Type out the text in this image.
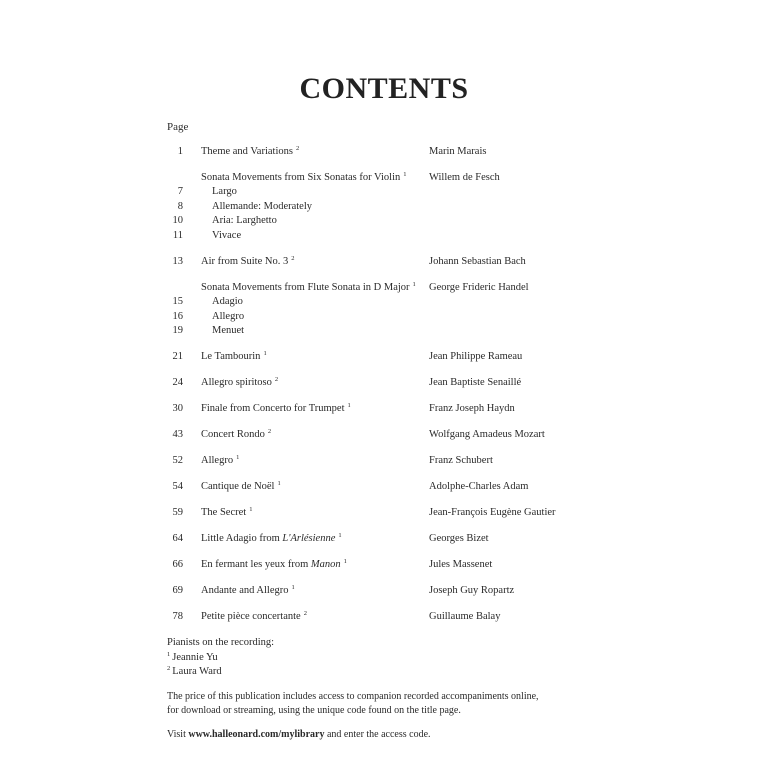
CONTENTS
Page
1 Theme and Variations $^2$	Marin Marais
Sonata Movements from Six Sonatas for Violin $^1$ Willem de Fesch
7	Largo
8	Allemande: Moderately
10	Aria: Larghetto
11	Vivace
13 Air from Suite No. 3 $^2$	Johann Sebastian Bach
Sonata Movements from Flute Sonata in D Major $^1$ George Frideric Handel
15	Adagio
16	Allegro
19	Menuet
21 Le Tambourin $^1$	Jean Philippe Rameau
24 Allegro spiritoso $^2$	Jean Baptiste Senaillé
30 Finale from Concerto for Trumpet $^1$	Franz Joseph Haydn
43 Concert Rondo $^2$	Wolfgang Amadeus Mozart
52 Allegro $^1$	Franz Schubert
54 Cantique de Noël $^1$	Adolphe-Charles Adam
59 The Secret $^1$	Jean-François Eugène Gautier
64 Little Adagio from L'Arlésienne $^1$	Georges Bizet
66 En fermant les yeux from Manon $^1$	Jules Massenet
69 Andante and Allegro $^1$	Joseph Guy Ropartz
78 Petite pièce concertante $^2$	Guillaume Balay
Pianists on the recording:
$^1$ Jeannie Yu
$^2$ Laura Ward
The price of this publication includes access to companion recorded accompaniments online,
for download or streaming, using the unique code found on the title page.
Visit www.halleonard.com/mylibrary and enter the access code.
